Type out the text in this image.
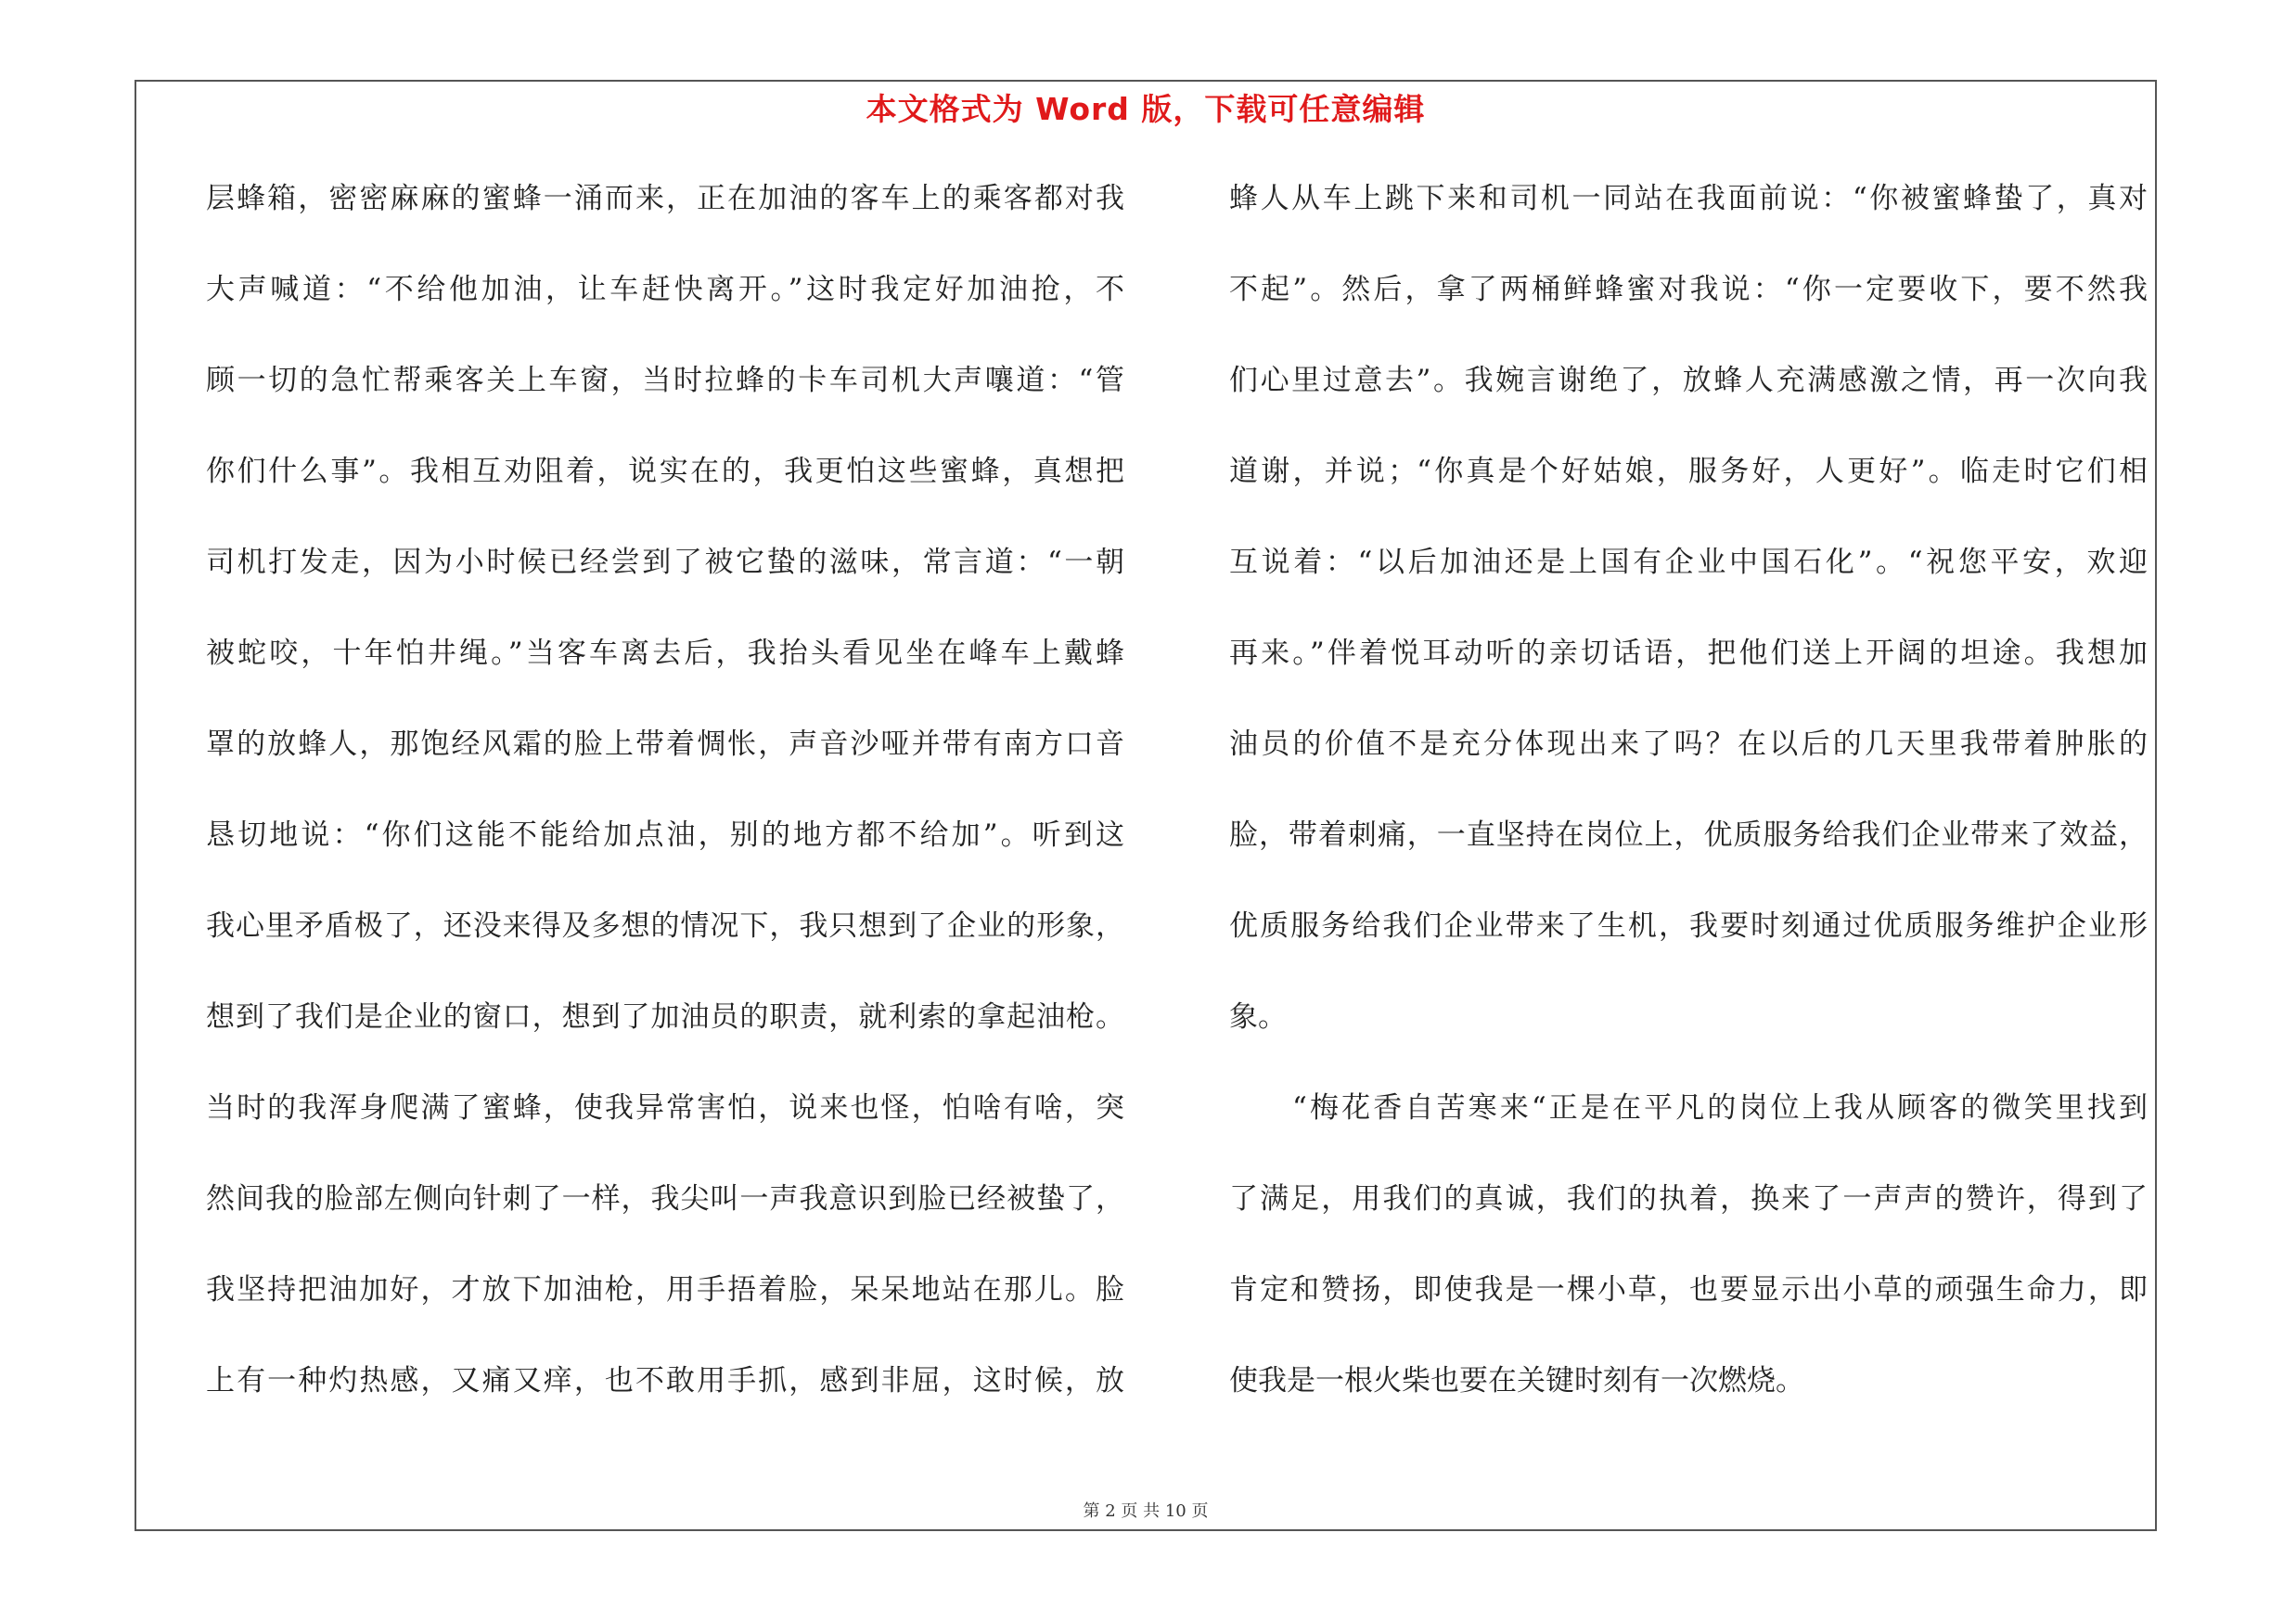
本文格式为 Word 版，下载可任意编辑
层蜂箱，密密麻麻的蜜蜂一涌而来，正在加油的客车上的乘客都对我
大声喊道：“不给他加油，让车赶快离开。”这时我定好加油抢，不
顾一切的急忙帮乘客关上车窗，当时拉蜂的卡车司机大声嚷道：“管
你们什么事”。我相互劝阻着，说实在的，我更怕这些蜜蜂，真想把
司机打发走，因为小时候已经尝到了被它蛰的滋味，常言道：“一朝
被蛇咬，十年怕井绳。”当客车离去后，我抬头看见坐在峰车上戴蜂
罩的放蜂人，那饱经风霜的脸上带着惆怅，声音沙哑并带有南方口音
恳切地说：“你们这能不能给加点油，别的地方都不给加”。听到这
我心里矛盾极了，还没来得及多想的情况下，我只想到了企业的形象，
想到了我们是企业的窗口，想到了加油员的职责，就利索的拿起油枪。
当时的我浑身爬满了蜜蜂，使我异常害怕，说来也怪，怕啥有啥，突
然间我的脸部左侧向针刺了一样，我尖叫一声我意识到脸已经被蛰了，
我坚持把油加好，才放下加油枪，用手捂着脸，呆呆地站在那儿。脸
上有一种灼热感，又痛又痒，也不敢用手抓，感到非屈，这时候，放
蜂人从车上跳下来和司机一同站在我面前说：“你被蜜蜂蛰了，真对
不起”。然后，拿了两桶鲜蜂蜜对我说：“你一定要收下，要不然我
们心里过意去”。我婉言谢绝了，放蜂人充满感激之情，再一次向我
道谢，并说；“你真是个好姑娘，服务好，人更好”。临走时它们相
互说着：“以后加油还是上国有企业中国石化”。“祝您平安，欢迎
再来。”伴着悦耳动听的亲切话语，把他们送上开阔的坦途。我想加
油员的价值不是充分体现出来了吗？在以后的几天里我带着肿胀的
脸，带着刺痛，一直坚持在岗位上，优质服务给我们企业带来了效益，
优质服务给我们企业带来了生机，我要时刻通过优质服务维护企业形
象。
“梅花香自苦寒来“正是在平凡的岗位上我从顾客的微笑里找到
了满足，用我们的真诚，我们的执着，换来了一声声的赞许，得到了
肯定和赞扬，即使我是一棵小草，也要显示出小草的顽强生命力，即
使我是一根火柴也要在关键时刻有一次燃烧。
第 2 页 共 10 页
